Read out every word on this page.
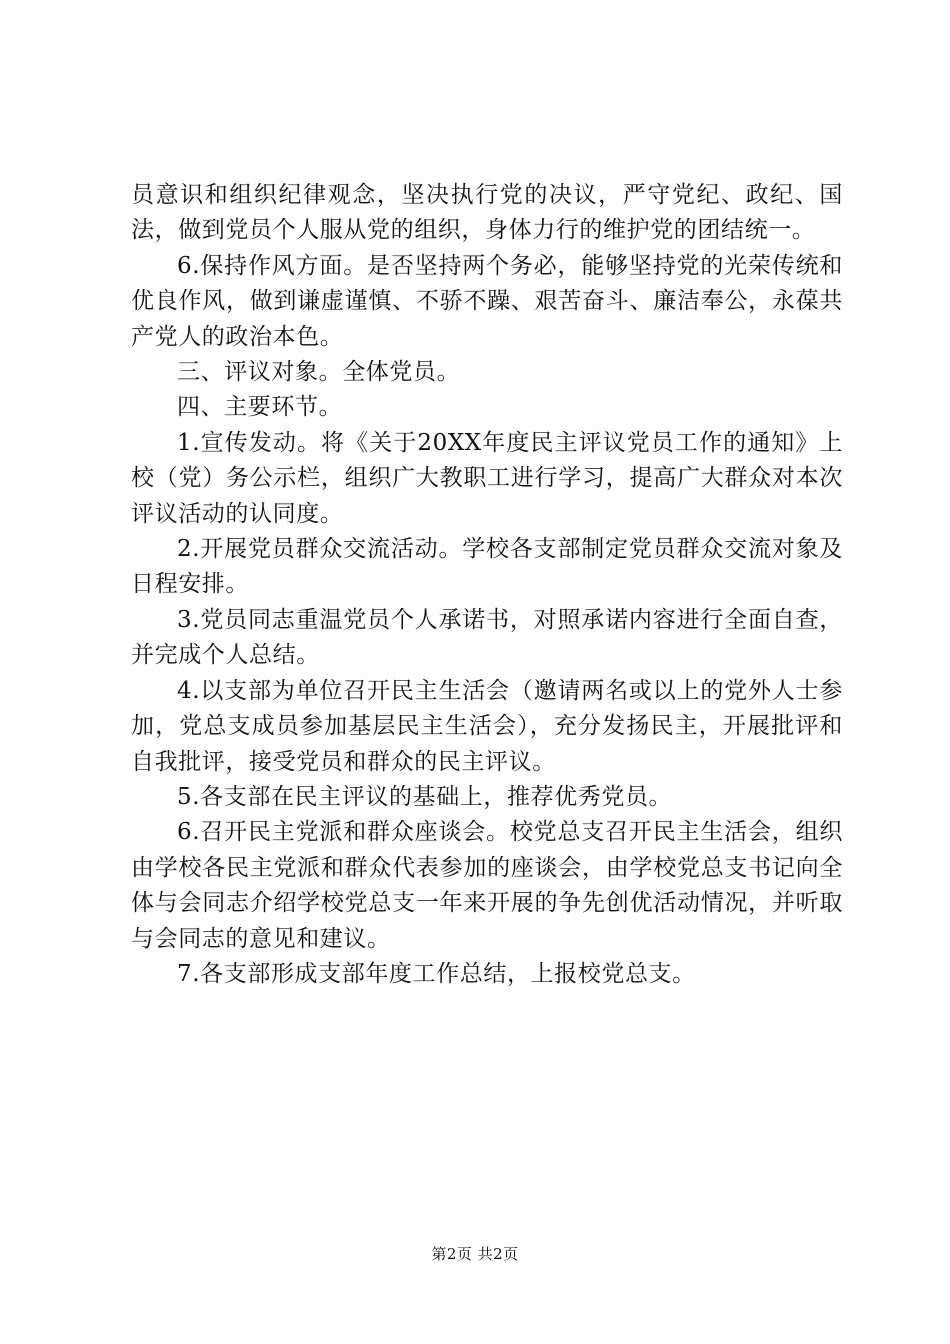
员意识和组织纪律观念，坚决执行党的决议，严守党纪、政纪、国法，做到党员个人服从党的组织，身体力行的维护党的团结统一。

6.保持作风方面。是否坚持两个务必，能够坚持党的光荣传统和优良作风，做到谦虚谨慎、不骄不躁、艰苦奋斗、廉洁奉公，永葆共产党人的政治本色。

三、评议对象。全体党员。

四、主要环节。

1.宣传发动。将《关于20XX年度民主评议党员工作的通知》上校（党）务公示栏，组织广大教职工进行学习，提高广大群众对本次评议活动的认同度。

2.开展党员群众交流活动。学校各支部制定党员群众交流对象及日程安排。

3.党员同志重温党员个人承诺书，对照承诺内容进行全面自查，并完成个人总结。

4.以支部为单位召开民主生活会（邀请两名或以上的党外人士参加，党总支成员参加基层民主生活会），充分发扬民主，开展批评和自我批评，接受党员和群众的民主评议。

5.各支部在民主评议的基础上，推荐优秀党员。

6.召开民主党派和群众座谈会。校党总支召开民主生活会，组织由学校各民主党派和群众代表参加的座谈会，由学校党总支书记向全体与会同志介绍学校党总支一年来开展的争先创优活动情况，并听取与会同志的意见和建议。

7.各支部形成支部年度工作总结，上报校党总支。

第2页 共2页
